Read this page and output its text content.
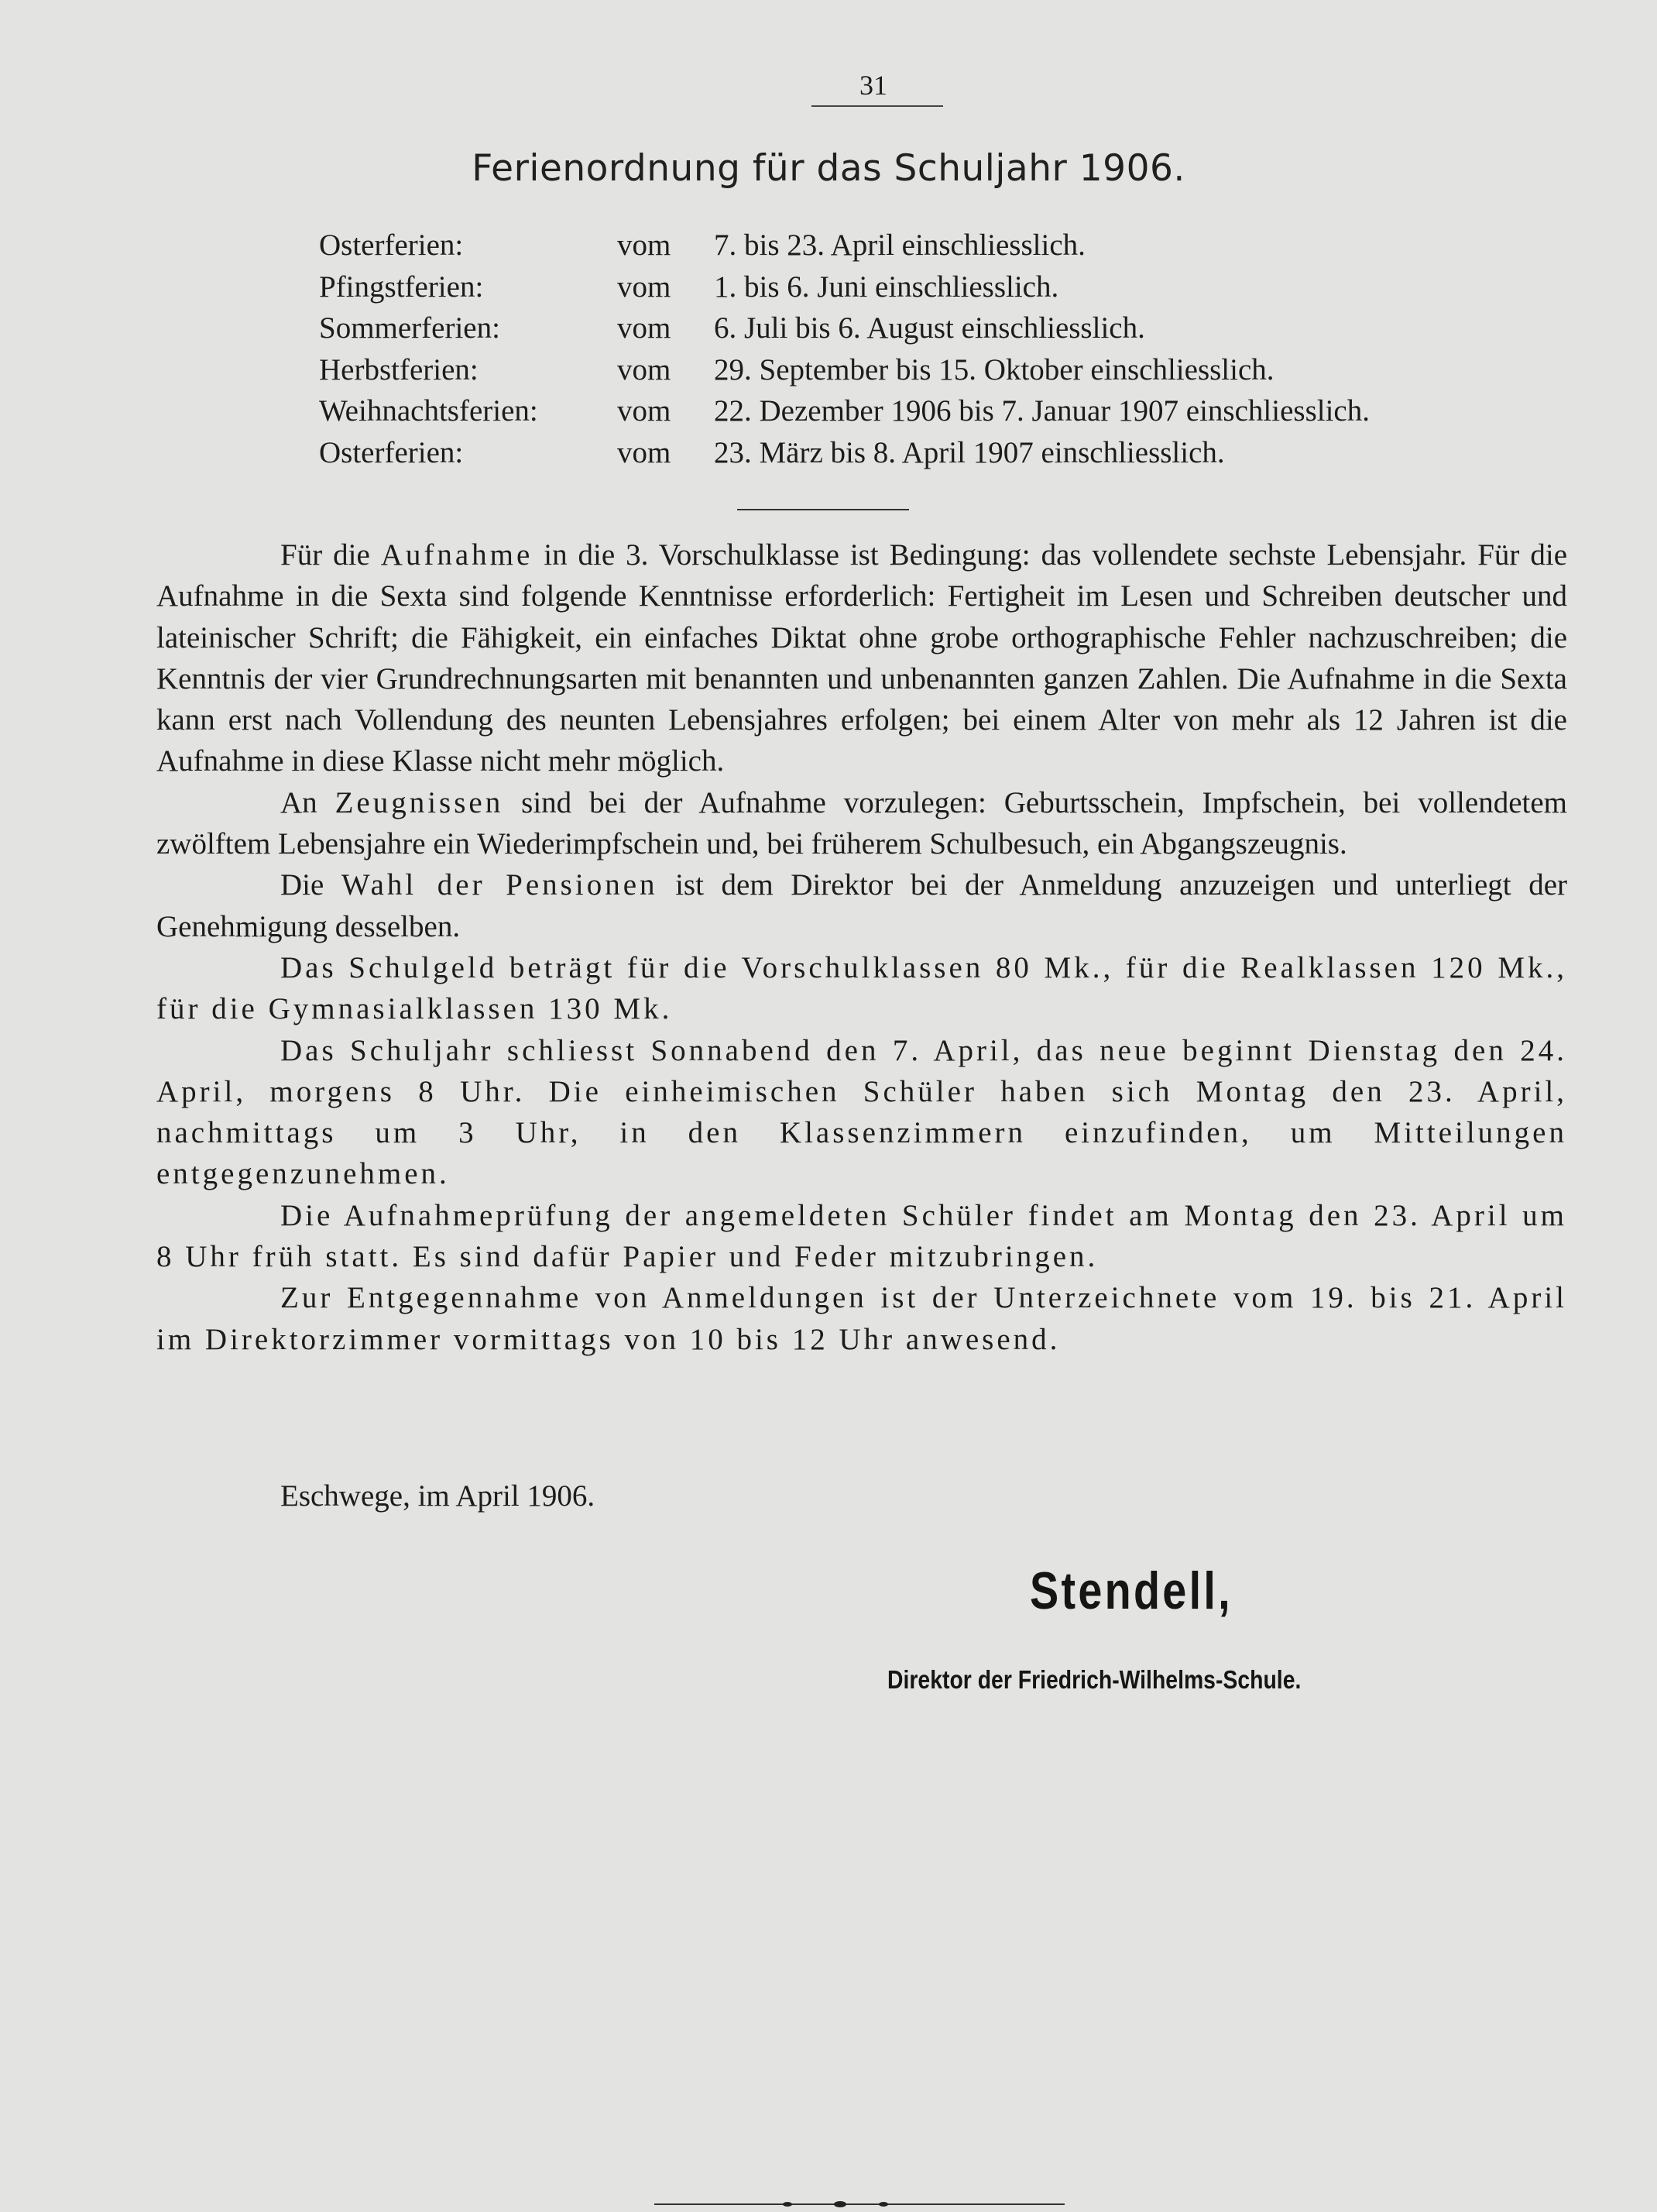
31
Ferienordnung für das Schuljahr 1906.
Osterferien:	vom 7. bis 23. April einschliesslich.
Pfingstferien:	vom 1. bis 6. Juni einschliesslich.
Sommerferien:	vom 6. Juli bis 6. August einschliesslich.
Herbstferien:	vom 29. September bis 15. Oktober einschliesslich.
Weihnachtsferien:	vom 22. Dezember 1906 bis 7. Januar 1907 einschliesslich.
Osterferien:	vom 23. März bis 8. April 1907 einschliesslich.

Für die Aufnahme in die 3. Vorschulklasse ist Bedingung: das vollendete sechste Lebensjahr. Für die Aufnahme in die Sexta sind folgende Kenntnisse erforderlich: Fertigheit im Lesen und Schreiben deutscher und lateinischer Schrift; die Fähigkeit, ein einfaches Diktat ohne grobe orthographische Fehler nachzuschreiben; die Kenntnis der vier Grundrechnungsarten mit benannten und unbenannten ganzen Zahlen. Die Aufnahme in die Sexta kann erst nach Vollendung des neunten Lebensjahres erfolgen; bei einem Alter von mehr als 12 Jahren ist die Aufnahme in diese Klasse nicht mehr möglich.

An Zeugnissen sind bei der Aufnahme vorzulegen: Geburtsschein, Impfschein, bei vollendetem zwölftem Lebensjahre ein Wiederimpfschein und, bei früherem Schulbesuch, ein Abgangszeugnis.

Die Wahl der Pensionen ist dem Direktor bei der Anmeldung anzuzeigen und unterliegt der Genehmigung desselben.

Das Schulgeld beträgt für die Vorschulklassen 80 Mk., für die Realklassen 120 Mk., für die Gymnasialklassen 130 Mk.

Das Schuljahr schliesst Sonnabend den 7. April, das neue beginnt Dienstag den 24. April, morgens 8 Uhr. Die einheimischen Schüler haben sich Montag den 23. April, nachmittags um 3 Uhr, in den Klassenzimmern einzufinden, um Mitteilungen entgegenzunehmen.

Die Aufnahmeprüfung der angemeldeten Schüler findet am Montag den 23. April um 8 Uhr früh statt. Es sind dafür Papier und Feder mitzubringen.

Zur Entgegennahme von Anmeldungen ist der Unterzeichnete vom 19. bis 21. April im Direktorzimmer vormittags von 10 bis 12 Uhr anwesend.

Eschwege, im April 1906.
Stendell,
Direktor der Friedrich-Wilhelms-Schule.
